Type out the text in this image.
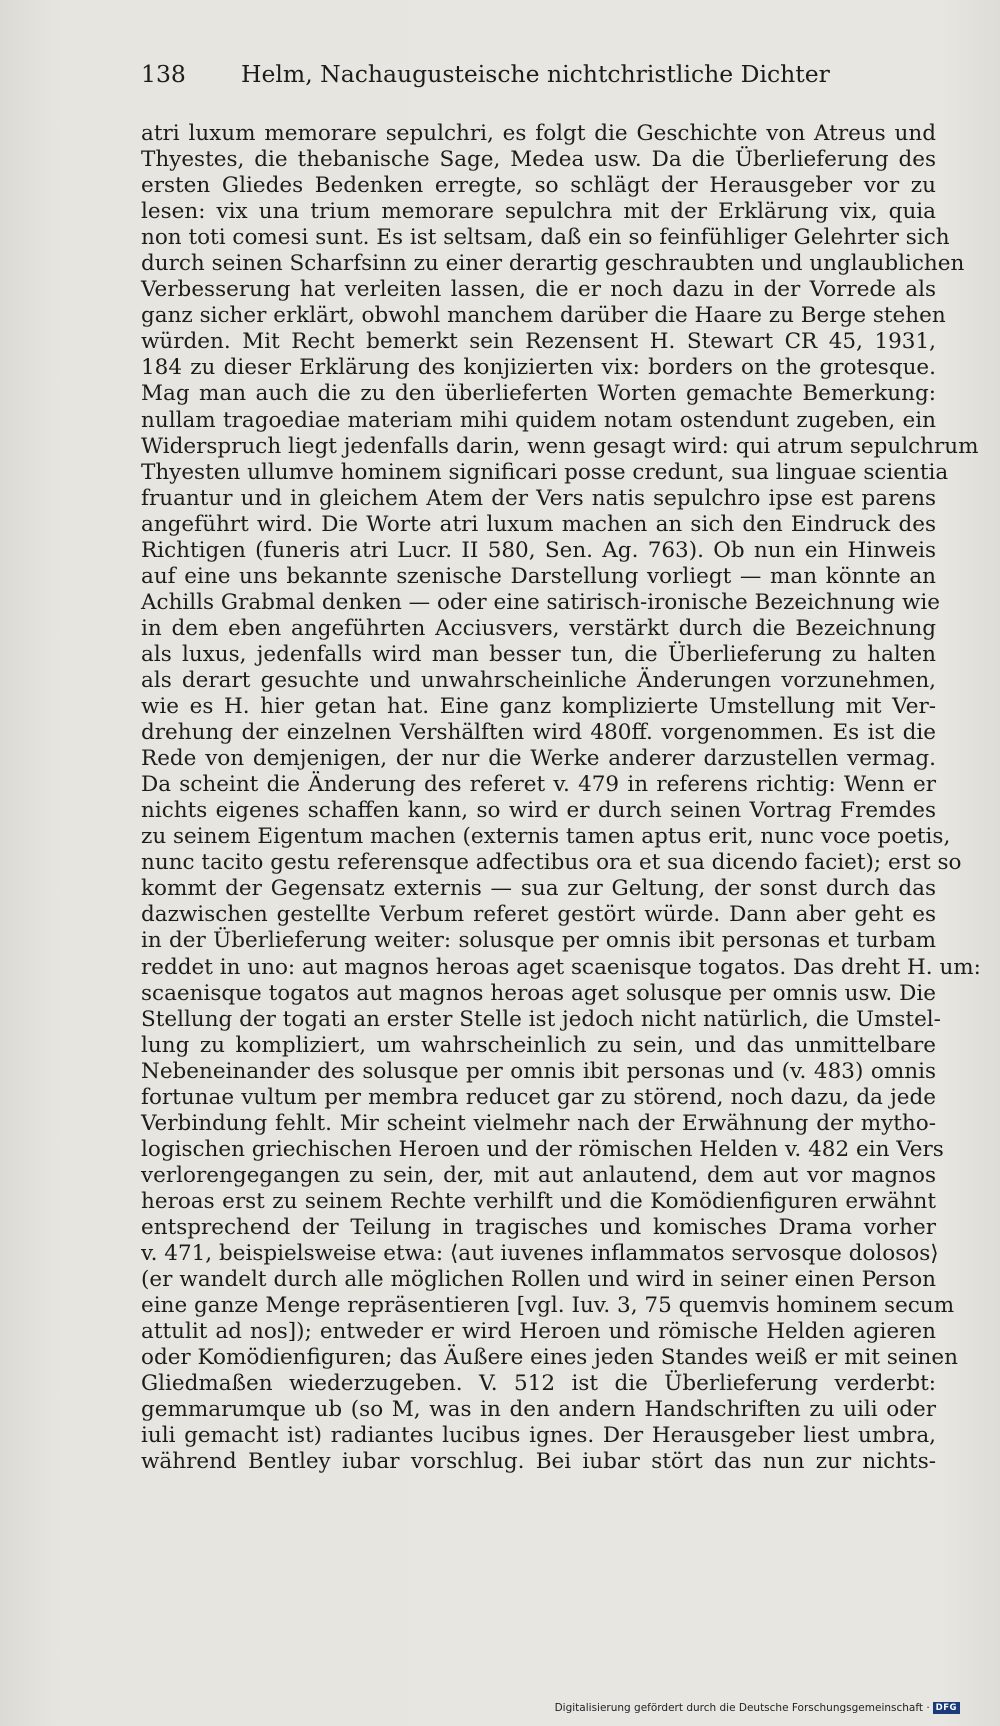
138 Helm, Nachaugusteische nichtchristliche Dichter
atri luxum memorare sepulchri, es folgt die Geschichte von Atreus und
Thyestes, die thebanische Sage, Medea usw. Da die Überlieferung des
ersten Gliedes Bedenken erregte, so schlägt der Herausgeber vor zu
lesen: vix una trium memorare sepulchra mit der Erklärung vix, quia
non toti comesi sunt. Es ist seltsam, daß ein so feinfühliger Gelehrter sich
durch seinen Scharfsinn zu einer derartig geschraubten und unglaublichen
Verbesserung hat verleiten lassen, die er noch dazu in der Vorrede als
ganz sicher erklärt, obwohl manchem darüber die Haare zu Berge stehen
würden. Mit Recht bemerkt sein Rezensent H. Stewart CR 45, 1931,
184 zu dieser Erklärung des konjizierten vix: borders on the grotesque.
Mag man auch die zu den überlieferten Worten gemachte Bemerkung:
nullam tragoediae materiam mihi quidem notam ostendunt zugeben, ein
Widerspruch liegt jedenfalls darin, wenn gesagt wird: qui atrum sepulchrum
Thyesten ullumve hominem significari posse credunt, sua linguae scientia
fruantur und in gleichem Atem der Vers natis sepulchro ipse est parens
angeführt wird. Die Worte atri luxum machen an sich den Eindruck des
Richtigen (funeris atri Lucr. II 580, Sen. Ag. 763). Ob nun ein Hinweis
auf eine uns bekannte szenische Darstellung vorliegt — man könnte an
Achills Grabmal denken — oder eine satirisch-ironische Bezeichnung wie
in dem eben angeführten Acciusvers, verstärkt durch die Bezeichnung
als luxus, jedenfalls wird man besser tun, die Überlieferung zu halten
als derart gesuchte und unwahrscheinliche Änderungen vorzunehmen,
wie es H. hier getan hat. Eine ganz komplizierte Umstellung mit Ver-
drehung der einzelnen Vershälften wird 480ff. vorgenommen. Es ist die
Rede von demjenigen, der nur die Werke anderer darzustellen vermag.
Da scheint die Änderung des referet v. 479 in referens richtig: Wenn er
nichts eigenes schaffen kann, so wird er durch seinen Vortrag Fremdes
zu seinem Eigentum machen (externis tamen aptus erit, nunc voce poetis,
nunc tacito gestu referensque adfectibus ora et sua dicendo faciet); erst so
kommt der Gegensatz externis — sua zur Geltung, der sonst durch das
dazwischen gestellte Verbum referet gestört würde. Dann aber geht es
in der Überlieferung weiter: solusque per omnis ibit personas et turbam
reddet in uno: aut magnos heroas aget scaenisque togatos. Das dreht H. um:
scaenisque togatos aut magnos heroas aget solusque per omnis usw. Die
Stellung der togati an erster Stelle ist jedoch nicht natürlich, die Umstel-
lung zu kompliziert, um wahrscheinlich zu sein, und das unmittelbare
Nebeneinander des solusque per omnis ibit personas und (v. 483) omnis
fortunae vultum per membra reducet gar zu störend, noch dazu, da jede
Verbindung fehlt. Mir scheint vielmehr nach der Erwähnung der mytho-
logischen griechischen Heroen und der römischen Helden v. 482 ein Vers
verlorengegangen zu sein, der, mit aut anlautend, dem aut vor magnos
heroas erst zu seinem Rechte verhilft und die Komödienfiguren erwähnt
entsprechend der Teilung in tragisches und komisches Drama vorher
v. 471, beispielsweise etwa: ⟨aut iuvenes inflammatos servosque dolosos⟩
(er wandelt durch alle möglichen Rollen und wird in seiner einen Person
eine ganze Menge repräsentieren [vgl. Iuv. 3, 75 quemvis hominem secum
attulit ad nos]); entweder er wird Heroen und römische Helden agieren
oder Komödienfiguren; das Äußere eines jeden Standes weiß er mit seinen
Gliedmaßen wiederzugeben. V. 512 ist die Überlieferung verderbt:
gemmarumque ub (so M, was in den andern Handschriften zu uili oder
iuli gemacht ist) radiantes lucibus ignes. Der Herausgeber liest umbra,
während Bentley iubar vorschlug. Bei iubar stört das nun zur nichts-
Digitalisierung gefördert durch die Deutsche Forschungsgemeinschaft · DFG
